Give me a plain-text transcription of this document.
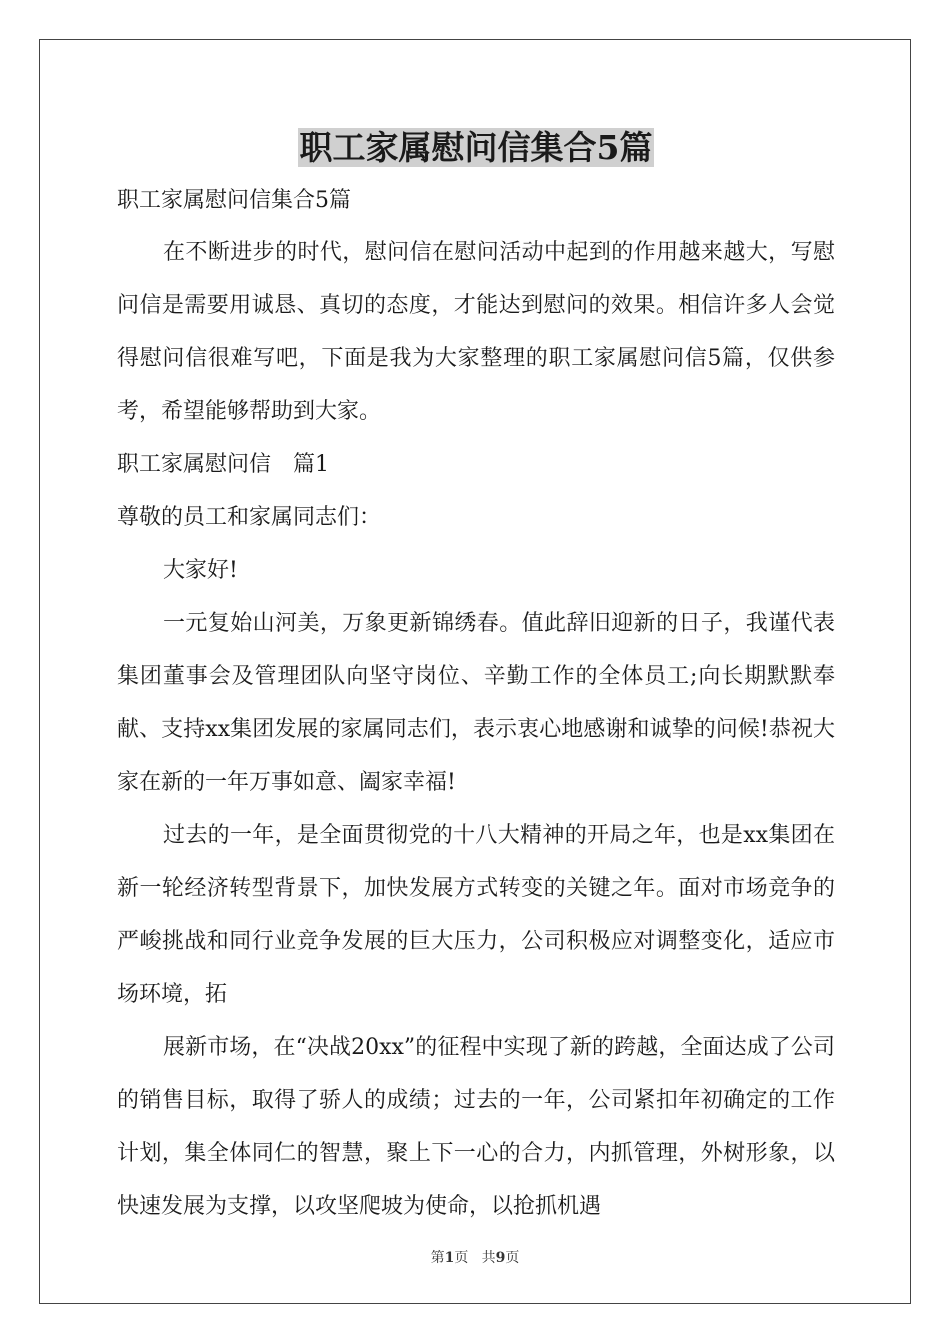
职工家属慰问信集合5篇

职工家属慰问信集合5篇

在不断进步的时代，慰问信在慰问活动中起到的作用越来越大，写慰问信是需要用诚恳、真切的态度，才能达到慰问的效果。相信许多人会觉得慰问信很难写吧，下面是我为大家整理的职工家属慰问信5篇，仅供参考，希望能够帮助到大家。

职工家属慰问信　篇1

尊敬的员工和家属同志们：

大家好!

一元复始山河美，万象更新锦绣春。值此辞旧迎新的日子，我谨代表集团董事会及管理团队向坚守岗位、辛勤工作的全体员工;向长期默默奉献、支持xx集团发展的家属同志们，表示衷心地感谢和诚挚的问候!恭祝大家在新的一年万事如意、阖家幸福!

过去的一年，是全面贯彻党的十八大精神的开局之年，也是xx集团在新一轮经济转型背景下，加快发展方式转变的关键之年。面对市场竞争的严峻挑战和同行业竞争发展的巨大压力，公司积极应对调整变化，适应市场环境，拓

展新市场，在“决战20xx”的征程中实现了新的跨越，全面达成了公司的销售目标，取得了骄人的成绩；过去的一年，公司紧扣年初确定的工作计划，集全体同仁的智慧，聚上下一心的合力，内抓管理，外树形象，以快速发展为支撑，以攻坚爬坡为使命，以抢抓机遇

第1页 共9页
